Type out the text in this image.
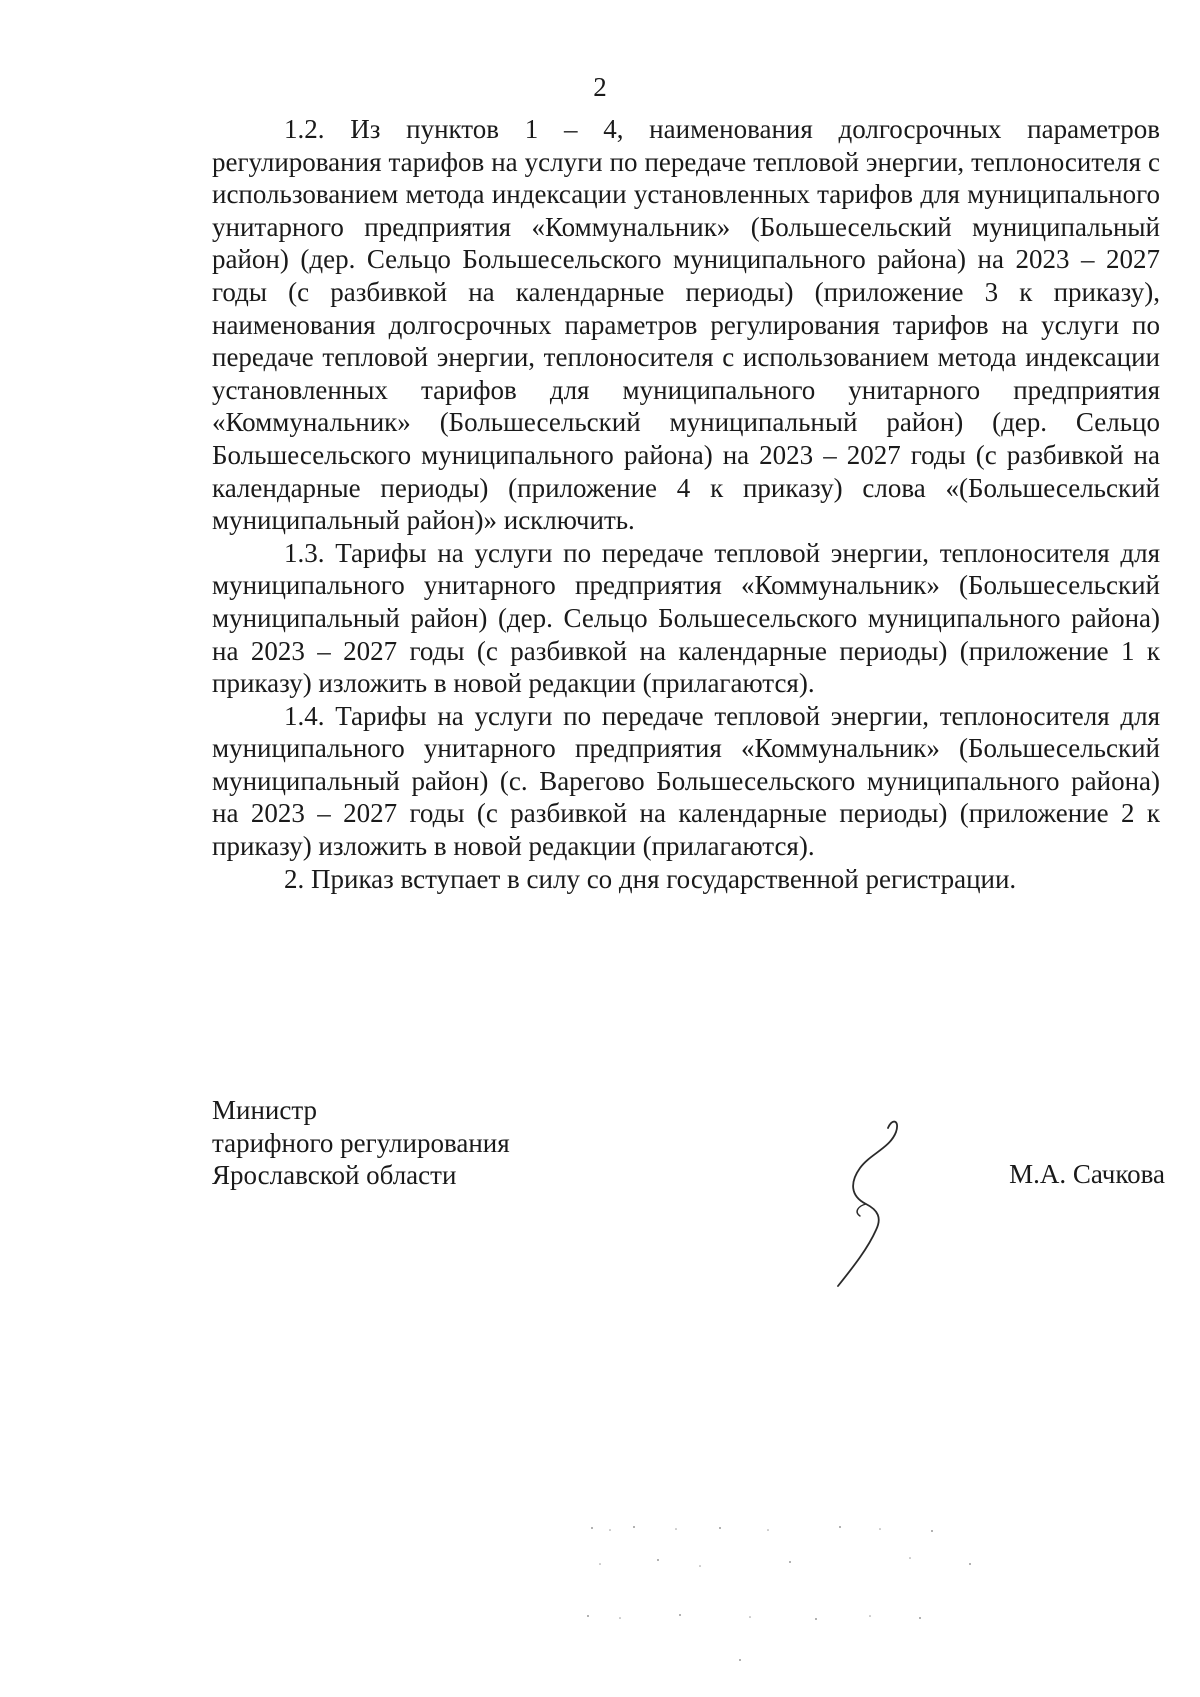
2

1.2. Из пунктов 1 – 4, наименования долгосрочных параметров регулирования тарифов на услуги по передаче тепловой энергии, теплоносителя с использованием метода индексации установленных тарифов для муниципального унитарного предприятия «Коммунальник» (Большесельский муниципальный район) (дер. Сельцо Большесельского муниципального района) на 2023 – 2027 годы (с разбивкой на календарные периоды) (приложение 3 к приказу), наименования долгосрочных параметров регулирования тарифов на услуги по передаче тепловой энергии, теплоносителя с использованием метода индексации установленных тарифов для муниципального унитарного предприятия «Коммунальник» (Большесельский муниципальный район) (дер. Сельцо Большесельского муниципального района) на 2023 – 2027 годы (с разбивкой на календарные периоды) (приложение 4 к приказу) слова «(Большесельский муниципальный район)» исключить.

1.3. Тарифы на услуги по передаче тепловой энергии, теплоносителя для муниципального унитарного предприятия «Коммунальник» (Большесельский муниципальный район) (дер. Сельцо Большесельского муниципального района) на 2023 – 2027 годы (с разбивкой на календарные периоды) (приложение 1 к приказу) изложить в новой редакции (прилагаются).

1.4. Тарифы на услуги по передаче тепловой энергии, теплоносителя для муниципального унитарного предприятия «Коммунальник» (Большесельский муниципальный район) (с. Варегово Большесельского муниципального района) на 2023 – 2027 годы (с разбивкой на календарные периоды) (приложение 2 к приказу) изложить в новой редакции (прилагаются).

2. Приказ вступает в силу со дня государственной регистрации.

Министр
тарифного регулирования
Ярославской области	М.А. Сачкова
